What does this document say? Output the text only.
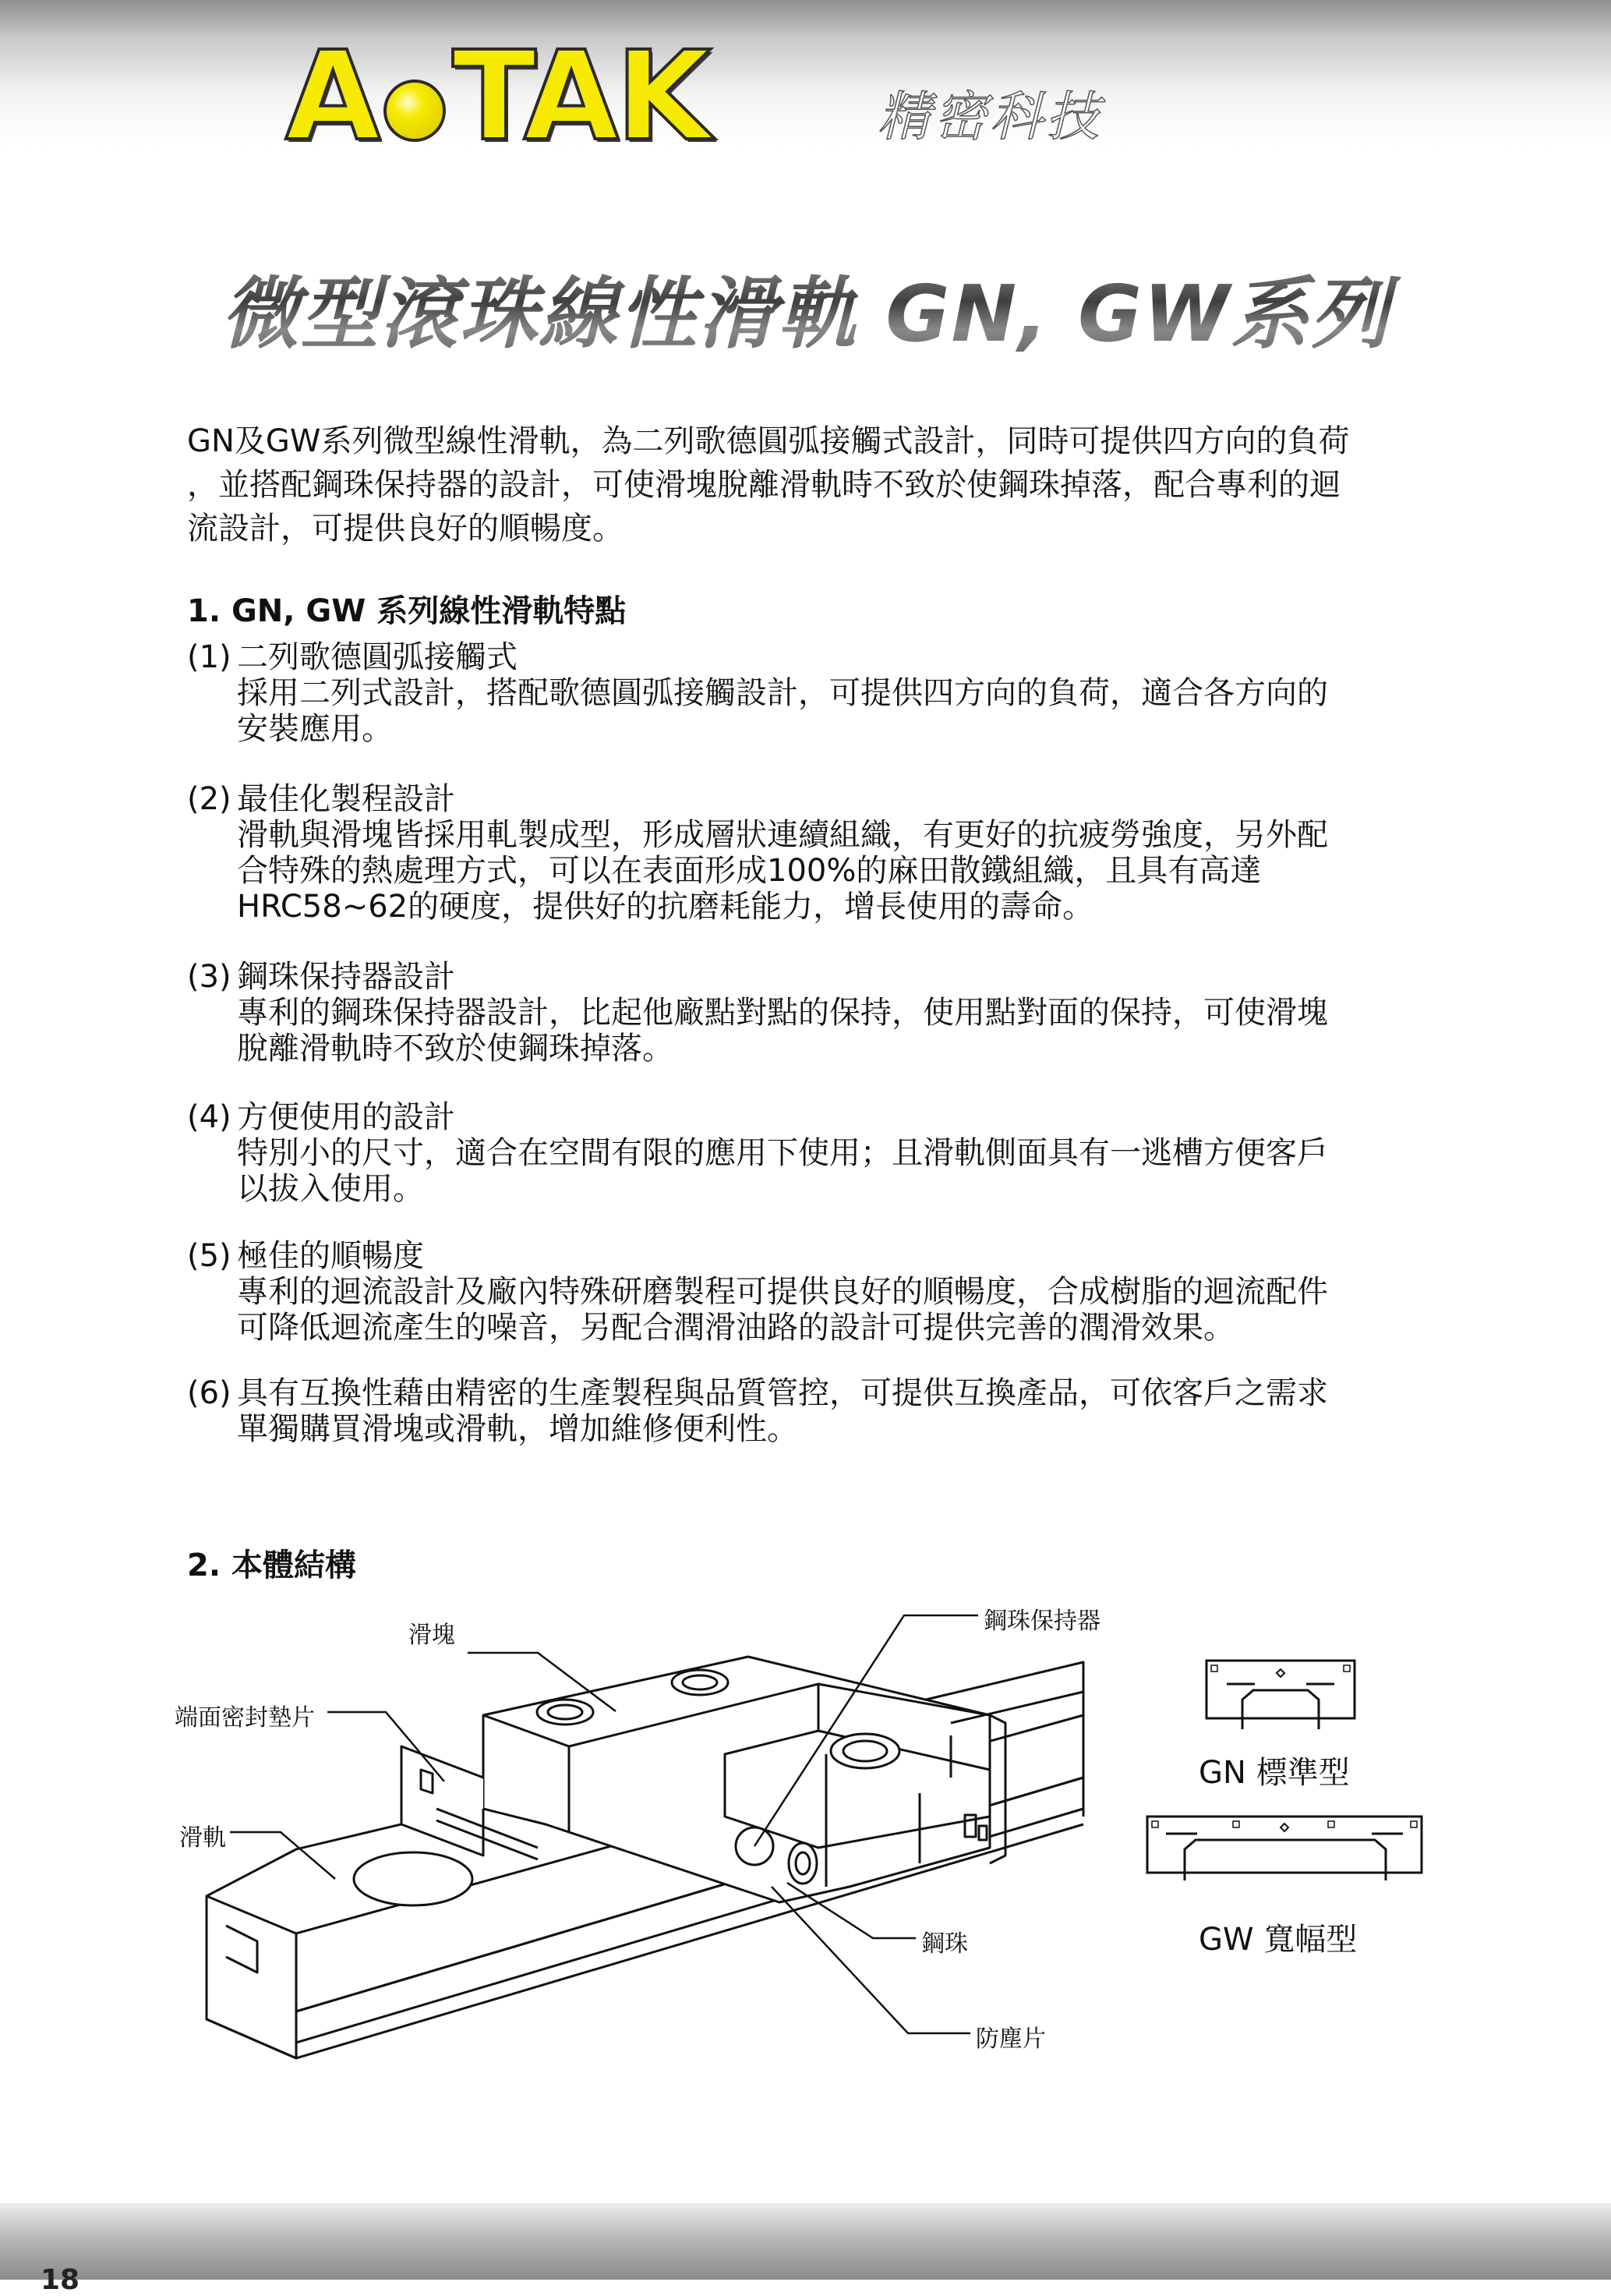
A TAK	精密科技
微型滾珠線性滑軌 GN, GW系列

GN及GW系列微型線性滑軌，為二列歌德圓弧接觸式設計，同時可提供四方向的負荷

，並搭配鋼珠保持器的設計，可使滑塊脫離滑軌時不致於使鋼珠掉落，配合專利的迴

流設計，可提供良好的順暢度。

1. GN, GW 系列線性滑軌特點
(1) 二列歌德圓弧接觸式

採用二列式設計，搭配歌德圓弧接觸設計，可提供四方向的負荷，適合各方向的

安裝應用。

(2) 最佳化製程設計

滑軌與滑塊皆採用軋製成型，形成層狀連續組織，有更好的抗疲勞強度，另外配

合特殊的熱處理方式，可以在表面形成100%的麻田散鐵組織，且具有高達

HRC58~62的硬度，提供好的抗磨耗能力，增長使用的壽命。

(3) 鋼珠保持器設計

專利的鋼珠保持器設計，比起他廠點對點的保持，使用點對面的保持，可使滑塊

脫離滑軌時不致於使鋼珠掉落。

(4) 方便使用的設計

特別小的尺寸，適合在空間有限的應用下使用；且滑軌側面具有一逃槽方便客戶

以拔入使用。

(5) 極佳的順暢度

專利的迴流設計及廠內特殊研磨製程可提供良好的順暢度，合成樹脂的迴流配件

可降低迴流產生的噪音，另配合潤滑油路的設計可提供完善的潤滑效果。

(6) 具有互換性藉由精密的生產製程與品質管控，可提供互換產品，可依客戶之需求

單獨購買滑塊或滑軌，增加維修便利性。

2. 本體結構
滑塊
端面密封墊片
滑軌
鋼珠保持器
鋼珠
防塵片
GN 標準型
GW 寬幅型
18
